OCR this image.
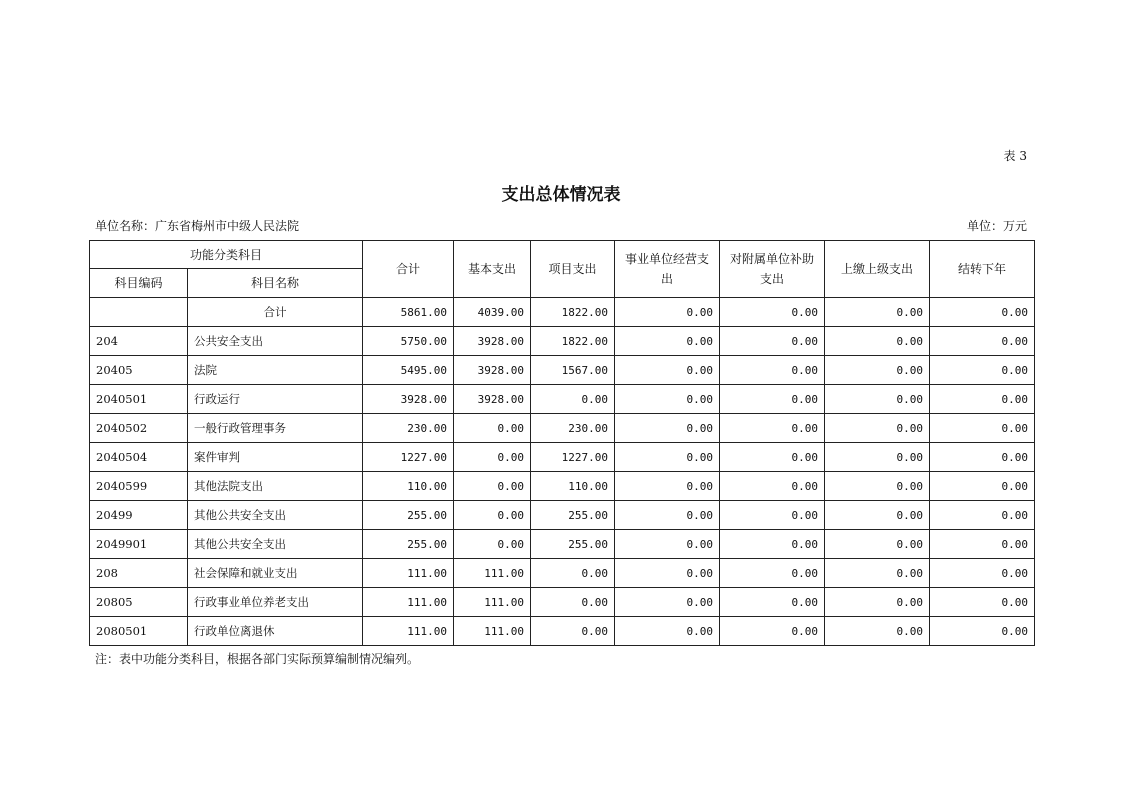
表 3
支出总体情况表
单位名称：广东省梅州市中级人民法院	单位：万元
功能分类科目		合计	基本支出	项目支出	事业单位经营支出	对附属单位补助支出	上缴上级支出	结转下年
科目编码	科目名称							
	合计	5861.00	4039.00	1822.00	0.00	0.00	0.00	0.00
204	公共安全支出	5750.00	3928.00	1822.00	0.00	0.00	0.00	0.00
20405	法院	5495.00	3928.00	1567.00	0.00	0.00	0.00	0.00
2040501	行政运行	3928.00	3928.00	0.00	0.00	0.00	0.00	0.00
2040502	一般行政管理事务	230.00	0.00	230.00	0.00	0.00	0.00	0.00
2040504	案件审判	1227.00	0.00	1227.00	0.00	0.00	0.00	0.00
2040599	其他法院支出	110.00	0.00	110.00	0.00	0.00	0.00	0.00
20499	其他公共安全支出	255.00	0.00	255.00	0.00	0.00	0.00	0.00
2049901	其他公共安全支出	255.00	0.00	255.00	0.00	0.00	0.00	0.00
208	社会保障和就业支出	111.00	111.00	0.00	0.00	0.00	0.00	0.00
20805	行政事业单位养老支出	111.00	111.00	0.00	0.00	0.00	0.00	0.00
2080501	行政单位离退休	111.00	111.00	0.00	0.00	0.00	0.00	0.00
注：表中功能分类科目，根据各部门实际预算编制情况编列。
